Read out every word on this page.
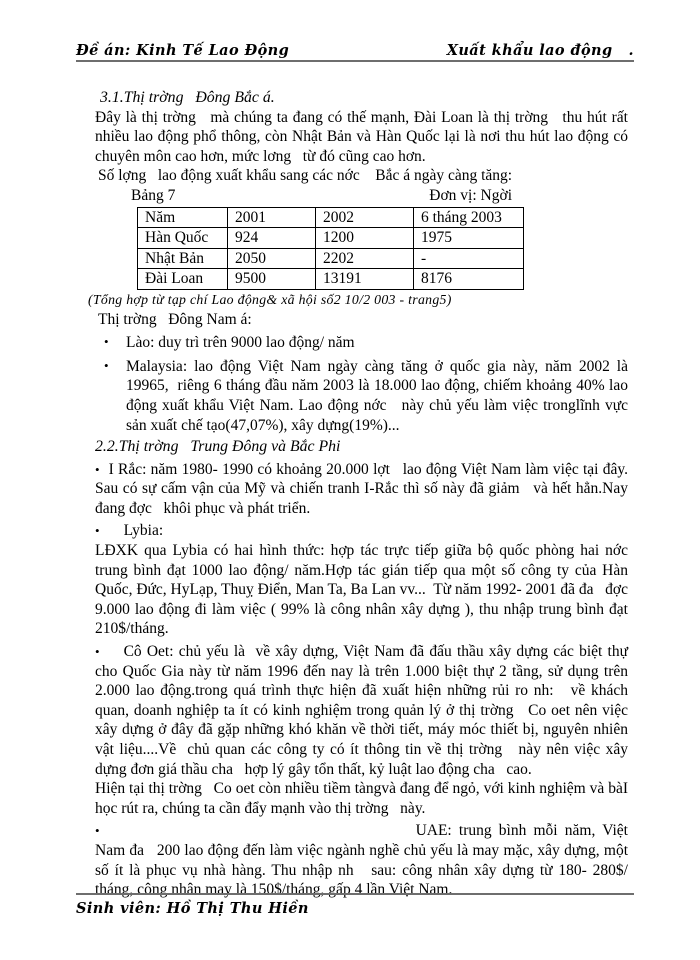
Đề án: Kinh Tế Lao Động	Xuất khẩu lao động .

3.1.Thị trờng   Đông Bắc á.

Đây là thị trờng   mà chúng ta đang có thế mạnh, Đài Loan là thị trờng   thu hút rất nhiều lao động phổ thông, còn Nhật Bản và Hàn Quốc lại là nơi thu hút lao động có chuyên môn cao hơn, mức lơng   từ đó cũng cao hơn.

Số lợng   lao động xuất khẩu sang các nớc    Bắc á ngày càng tăng:

Bảng 7	Đơn vị: Ngời
Năm	2001	2002	6 tháng 2003
Hàn Quốc	924	1200	1975
Nhật Bản	2050	2202	-
Đài Loan	9500	13191	8176

(Tổng hợp từ tạp chí Lao động& xã hội số2 10/2 003 - trang5)

Thị trờng   Đông Nam á:

• Lào: duy trì trên 9000 lao động/ năm
• Malaysia: lao động Việt Nam ngày càng tăng ở quốc gia này, năm 2002 là 19965,  riêng 6 tháng đầu năm 2003 là 18.000 lao động, chiếm khoảng 40% lao động xuất khẩu Việt Nam. Lao động nớc   này chủ yếu làm việc tronglĩnh vực sản xuất chế tạo(47,07%), xây dựng(19%)...

2.2.Thị trờng   Trung Đông và Bắc Phi

• I Rắc: năm 1980- 1990 có khoảng 20.000 lợt   lao động Việt Nam làm việc tại đây. Sau có sự cấm vận của Mỹ và chiến tranh I-Rắc thì số này đã giảm   và hết hẳn.Nay đang đợc   khôi phục và phát triển.

• Lybia:

LĐXK qua Lybia có hai hình thức: hợp tác trực tiếp giữa bộ quốc phòng hai nớc   trung bình đạt 1000 lao động/ năm.Hợp tác gián tiếp qua một số công ty của Hàn Quốc, Đức, HyLạp, Thuỵ Điển, Man Ta, Ba Lan vv...  Từ năm 1992- 2001 đã đa   đợc   9.000 lao động đi làm việc ( 99% là công nhân xây dựng ), thu nhập trung bình đạt 210$/tháng.

• Cô Oet: chủ yếu là  về xây dựng, Việt Nam đã đấu thầu xây dựng các biệt thự cho Quốc Gia này từ năm 1996 đến nay là trên 1.000 biệt thự 2 tầng, sử dụng trên 2.000 lao động.trong quá trình thực hiện đã xuất hiện những rủi ro nh:   về khách quan, doanh nghiệp ta ít có kinh nghiệm trong quản lý ở thị trờng   Co oet nên việc xây dựng ở đây đã gặp những khó khăn về thời tiết, máy móc thiết bị, nguyên nhiên vật liệu....Về  chủ quan các công ty có ít thông tin về thị trờng   này nên việc xây dựng đơn giá thầu cha   hợp lý gây tổn thất, kỷ luật lao động cha   cao.

Hiện tại thị trờng   Co oet còn nhiều tiềm tàngvà đang để ngỏ, với kinh nghiệm và bàI học rút ra, chúng ta cần đẩy mạnh vào thị trờng   này.

•	UAE: trung bình mỗi năm, Việt Nam đa   200 lao động đến làm việc ngành nghề chủ yếu là may mặc, xây dựng, một số ít là phục vụ nhà hàng. Thu nhập nh   sau: công nhân xây dựng từ 180- 280$/ tháng, công nhân may là 150$/tháng, gấp 4 lần Việt Nam.

Sinh viên: Hồ Thị Thu Hiền
